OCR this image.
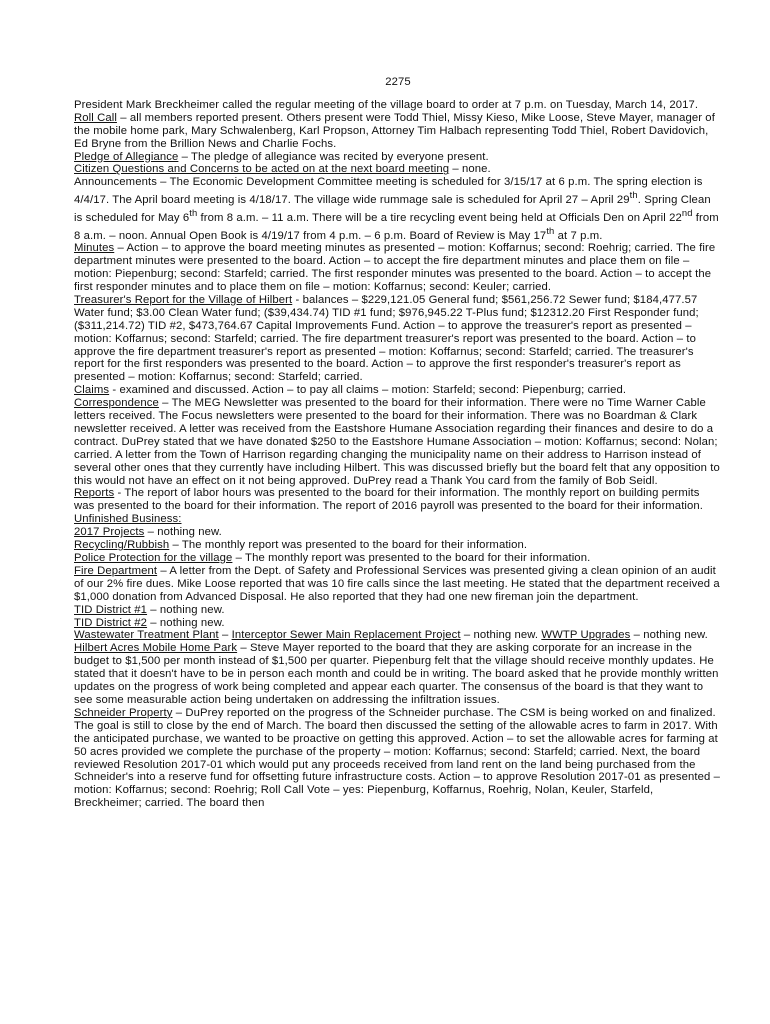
2275

President Mark Breckheimer called the regular meeting of the village board to order at 7 p.m. on Tuesday, March 14, 2017.

Roll Call – all members reported present. Others present were Todd Thiel, Missy Kieso, Mike Loose, Steve Mayer, manager of the mobile home park, Mary Schwalenberg, Karl Propson, Attorney Tim Halbach representing Todd Thiel, Robert Davidovich, Ed Bryne from the Brillion News and Charlie Fochs.

Pledge of Allegiance – The pledge of allegiance was recited by everyone present.

Citizen Questions and Concerns to be acted on at the next board meeting – none.

Announcements – The Economic Development Committee meeting is scheduled for 3/15/17 at 6 p.m. The spring election is 4/4/17. The April board meeting is 4/18/17. The village wide rummage sale is scheduled for April 27 – April 29th. Spring Clean is scheduled for May 6th from 8 a.m. – 11 a.m. There will be a tire recycling event being held at Officials Den on April 22nd from 8 a.m. – noon. Annual Open Book is 4/19/17 from 4 p.m. – 6 p.m. Board of Review is May 17th at 7 p.m.

Minutes – Action – to approve the board meeting minutes as presented – motion: Koffarnus; second: Roehrig; carried. The fire department minutes were presented to the board. Action – to accept the fire department minutes and place them on file – motion: Piepenburg; second: Starfeld; carried. The first responder minutes was presented to the board. Action – to accept the first responder minutes and to place them on file – motion: Koffarnus; second: Keuler; carried.

Treasurer's Report for the Village of Hilbert - balances – $229,121.05 General fund; $561,256.72 Sewer fund; $184,477.57 Water fund; $3.00 Clean Water fund; ($39,434.74) TID #1 fund; $976,945.22 T-Plus fund; $12312.20 First Responder fund; ($311,214.72) TID #2, $473,764.67 Capital Improvements Fund. Action – to approve the treasurer's report as presented – motion: Koffarnus; second: Starfeld; carried. The fire department treasurer's report was presented to the board. Action – to approve the fire department treasurer's report as presented – motion: Koffarnus; second: Starfeld; carried. The treasurer's report for the first responders was presented to the board. Action – to approve the first responder's treasurer's report as presented – motion: Koffarnus; second: Starfeld; carried.

Claims - examined and discussed. Action – to pay all claims – motion: Starfeld; second: Piepenburg; carried.

Correspondence – The MEG Newsletter was presented to the board for their information. There were no Time Warner Cable letters received. The Focus newsletters were presented to the board for their information. There was no Boardman & Clark newsletter received. A letter was received from the Eastshore Humane Association regarding their finances and desire to do a contract. DuPrey stated that we have donated $250 to the Eastshore Humane Association – motion: Koffarnus; second: Nolan; carried. A letter from the Town of Harrison regarding changing the municipality name on their address to Harrison instead of several other ones that they currently have including Hilbert. This was discussed briefly but the board felt that any opposition to this would not have an effect on it not being approved. DuPrey read a Thank You card from the family of Bob Seidl.

Reports - The report of labor hours was presented to the board for their information. The monthly report on building permits was presented to the board for their information. The report of 2016 payroll was presented to the board for their information.

Unfinished Business:

2017 Projects – nothing new.

Recycling/Rubbish – The monthly report was presented to the board for their information.

Police Protection for the village – The monthly report was presented to the board for their information.

Fire Department – A letter from the Dept. of Safety and Professional Services was presented giving a clean opinion of an audit of our 2% fire dues. Mike Loose reported that was 10 fire calls since the last meeting. He stated that the department received a $1,000 donation from Advanced Disposal. He also reported that they had one new fireman join the department.

TID District #1 – nothing new.

TID District #2 – nothing new.

Wastewater Treatment Plant – Interceptor Sewer Main Replacement Project – nothing new. WWTP Upgrades – nothing new. Hilbert Acres Mobile Home Park – Steve Mayer reported to the board that they are asking corporate for an increase in the budget to $1,500 per month instead of $1,500 per quarter. Piepenburg felt that the village should receive monthly updates. He stated that it doesn't have to be in person each month and could be in writing. The board asked that he provide monthly written updates on the progress of work being completed and appear each quarter. The consensus of the board is that they want to see some measurable action being undertaken on addressing the infiltration issues.

Schneider Property – DuPrey reported on the progress of the Schneider purchase. The CSM is being worked on and finalized. The goal is still to close by the end of March. The board then discussed the setting of the allowable acres to farm in 2017. With the anticipated purchase, we wanted to be proactive on getting this approved. Action – to set the allowable acres for farming at 50 acres provided we complete the purchase of the property – motion: Koffarnus; second: Starfeld; carried. Next, the board reviewed Resolution 2017-01 which would put any proceeds received from land rent on the land being purchased from the Schneider's into a reserve fund for offsetting future infrastructure costs. Action – to approve Resolution 2017-01 as presented – motion: Koffarnus; second: Roehrig; Roll Call Vote – yes: Piepenburg, Koffarnus, Roehrig, Nolan, Keuler, Starfeld, Breckheimer; carried. The board then
